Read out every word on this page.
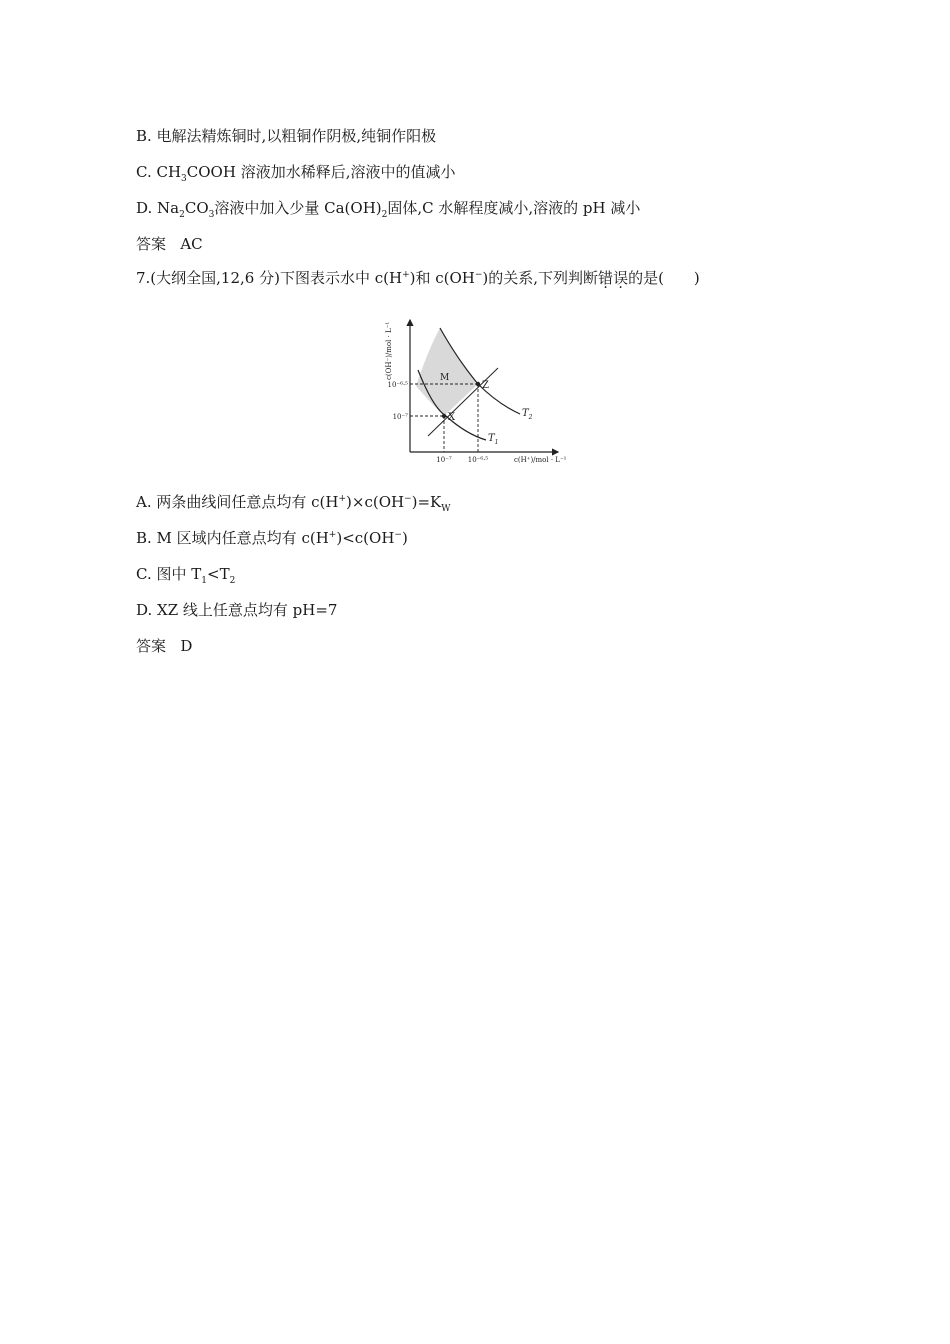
B. 电解法精炼铜时,以粗铜作阴极,纯铜作阳极
C. $CH_3COOH$ 溶液加水稀释后,溶液中的值减小
D. $Na_2CO_3$溶液中加入少量 $Ca(OH)_2$固体,C 水解程度减小,溶液的 pH 减小
答案 AC
7.(大纲全国,12,6 分)下图表示水中 c(H+)和 c(OH−)的关系,下列判断错误的是(　　)
X
Z
M
$T_1$
$T_2$
10⁻⁶·⁵
10⁻⁷
10⁻⁷ 10⁻⁶·⁵	c(H⁺)/mol · L⁻¹
c(OH⁻)/mol · L⁻¹
A. 两条曲线间任意点均有 $c(H^+)\times c(OH^-)=K_W$
B. M 区域内任意点均有 c(H+)<c(OH−)
C. 图中 $T_1<T_2$
D. XZ 线上任意点均有 pH=7
答案 D
